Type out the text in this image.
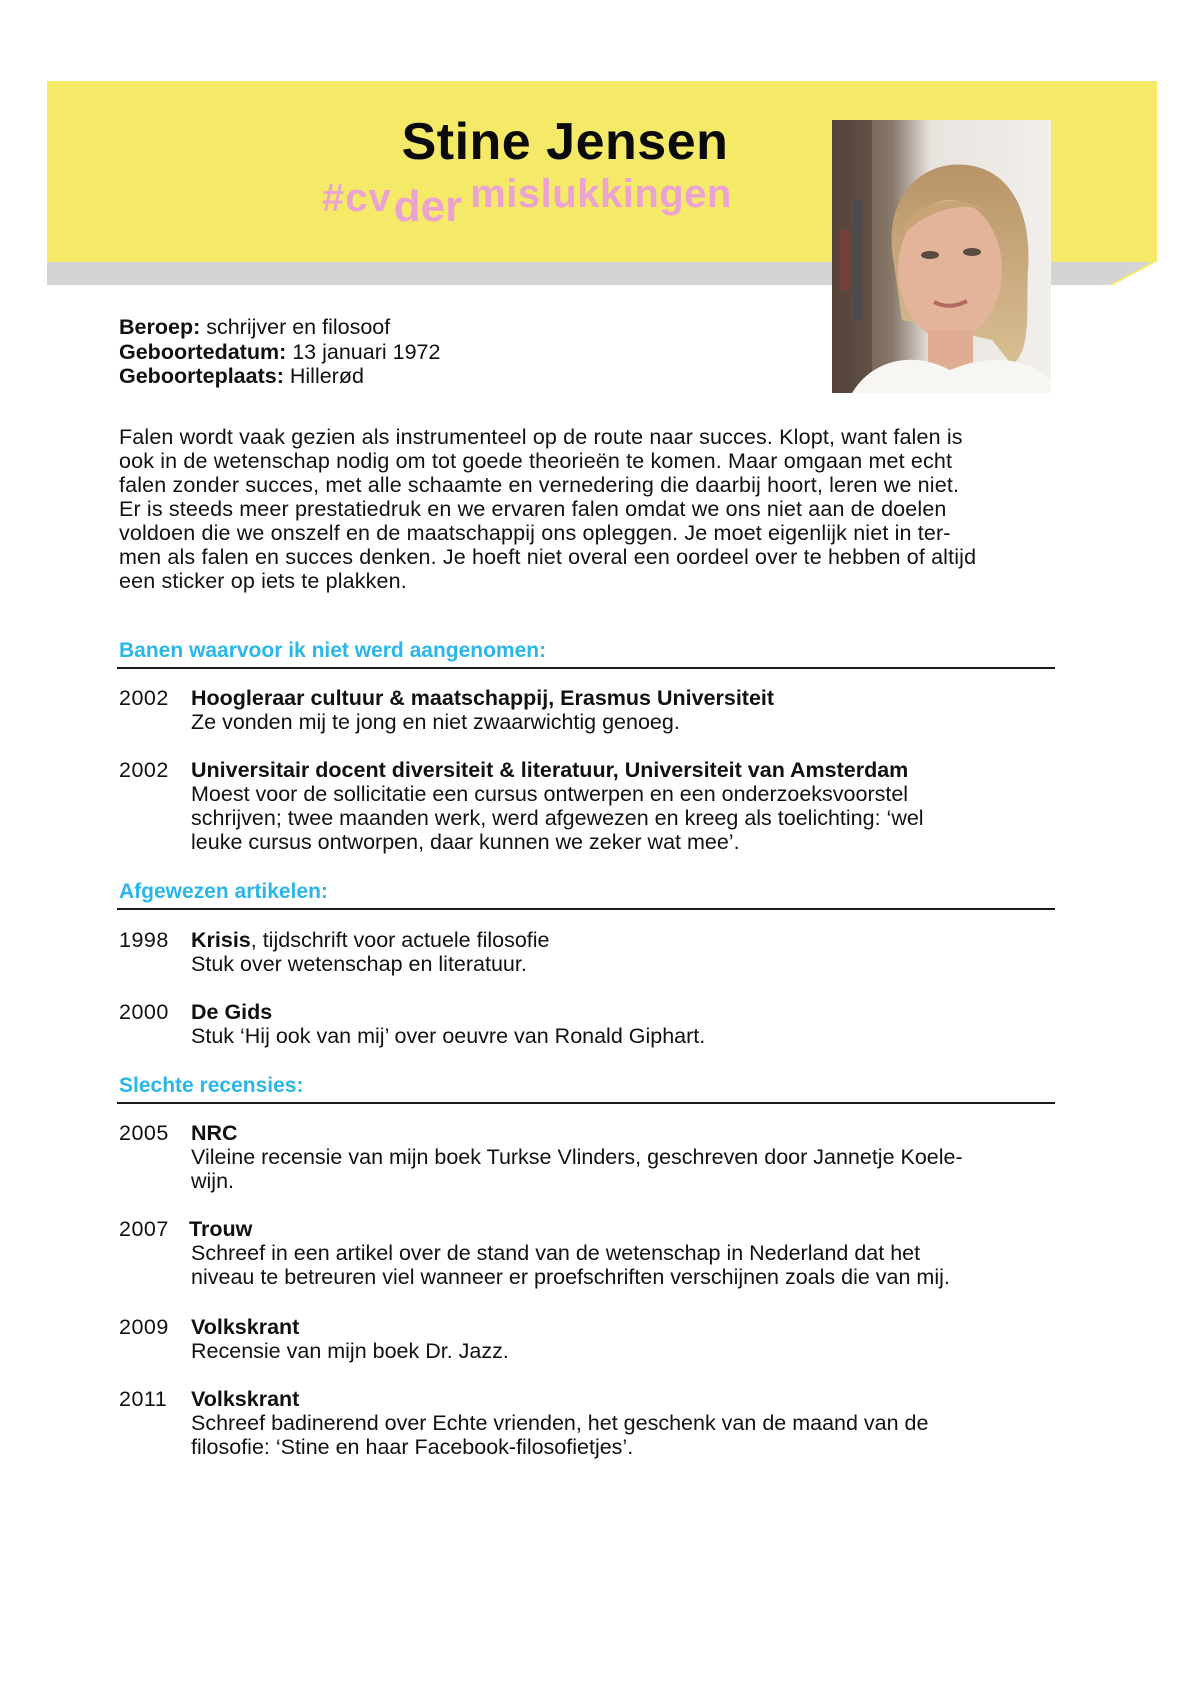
Stine Jensen
#cvder mislukkingen
Beroep: schrijver en filosoof
Geboortedatum: 13 januari 1972
Geboorteplaats: Hillerød
Falen wordt vaak gezien als instrumenteel op de route naar succes. Klopt, want falen is
ook in de wetenschap nodig om tot goede theorieën te komen. Maar omgaan met echt
falen zonder succes, met alle schaamte en vernedering die daarbij hoort, leren we niet.
Er is steeds meer prestatiedruk en we ervaren falen omdat we ons niet aan de doelen
voldoen die we onszelf en de maatschappij ons opleggen. Je moet eigenlijk niet in ter-
men als falen en succes denken. Je hoeft niet overal een oordeel over te hebben of altijd
een sticker op iets te plakken.
Banen waarvoor ik niet werd aangenomen:
2002 Hoogleraar cultuur & maatschappij, Erasmus Universiteit
Ze vonden mij te jong en niet zwaarwichtig genoeg.
2002 Universitair docent diversiteit & literatuur, Universiteit van Amsterdam
Moest voor de sollicitatie een cursus ontwerpen en een onderzoeksvoorstel
schrijven; twee maanden werk, werd afgewezen en kreeg als toelichting: ‘wel
leuke cursus ontworpen, daar kunnen we zeker wat mee’.
Afgewezen artikelen:
1998 Krisis, tijdschrift voor actuele filosofie
Stuk over wetenschap en literatuur.
2000 De Gids
Stuk ‘Hij ook van mij’ over oeuvre van Ronald Giphart.
Slechte recensies:
2005 NRC
Vileine recensie van mijn boek Turkse Vlinders, geschreven door Jannetje Koele-
wijn.
2007 Trouw
Schreef in een artikel over de stand van de wetenschap in Nederland dat het
niveau te betreuren viel wanneer er proefschriften verschijnen zoals die van mij.
2009 Volkskrant
Recensie van mijn boek Dr. Jazz.
2011 Volkskrant
Schreef badinerend over Echte vrienden, het geschenk van de maand van de
filosofie: ‘Stine en haar Facebook-filosofietjes’.
